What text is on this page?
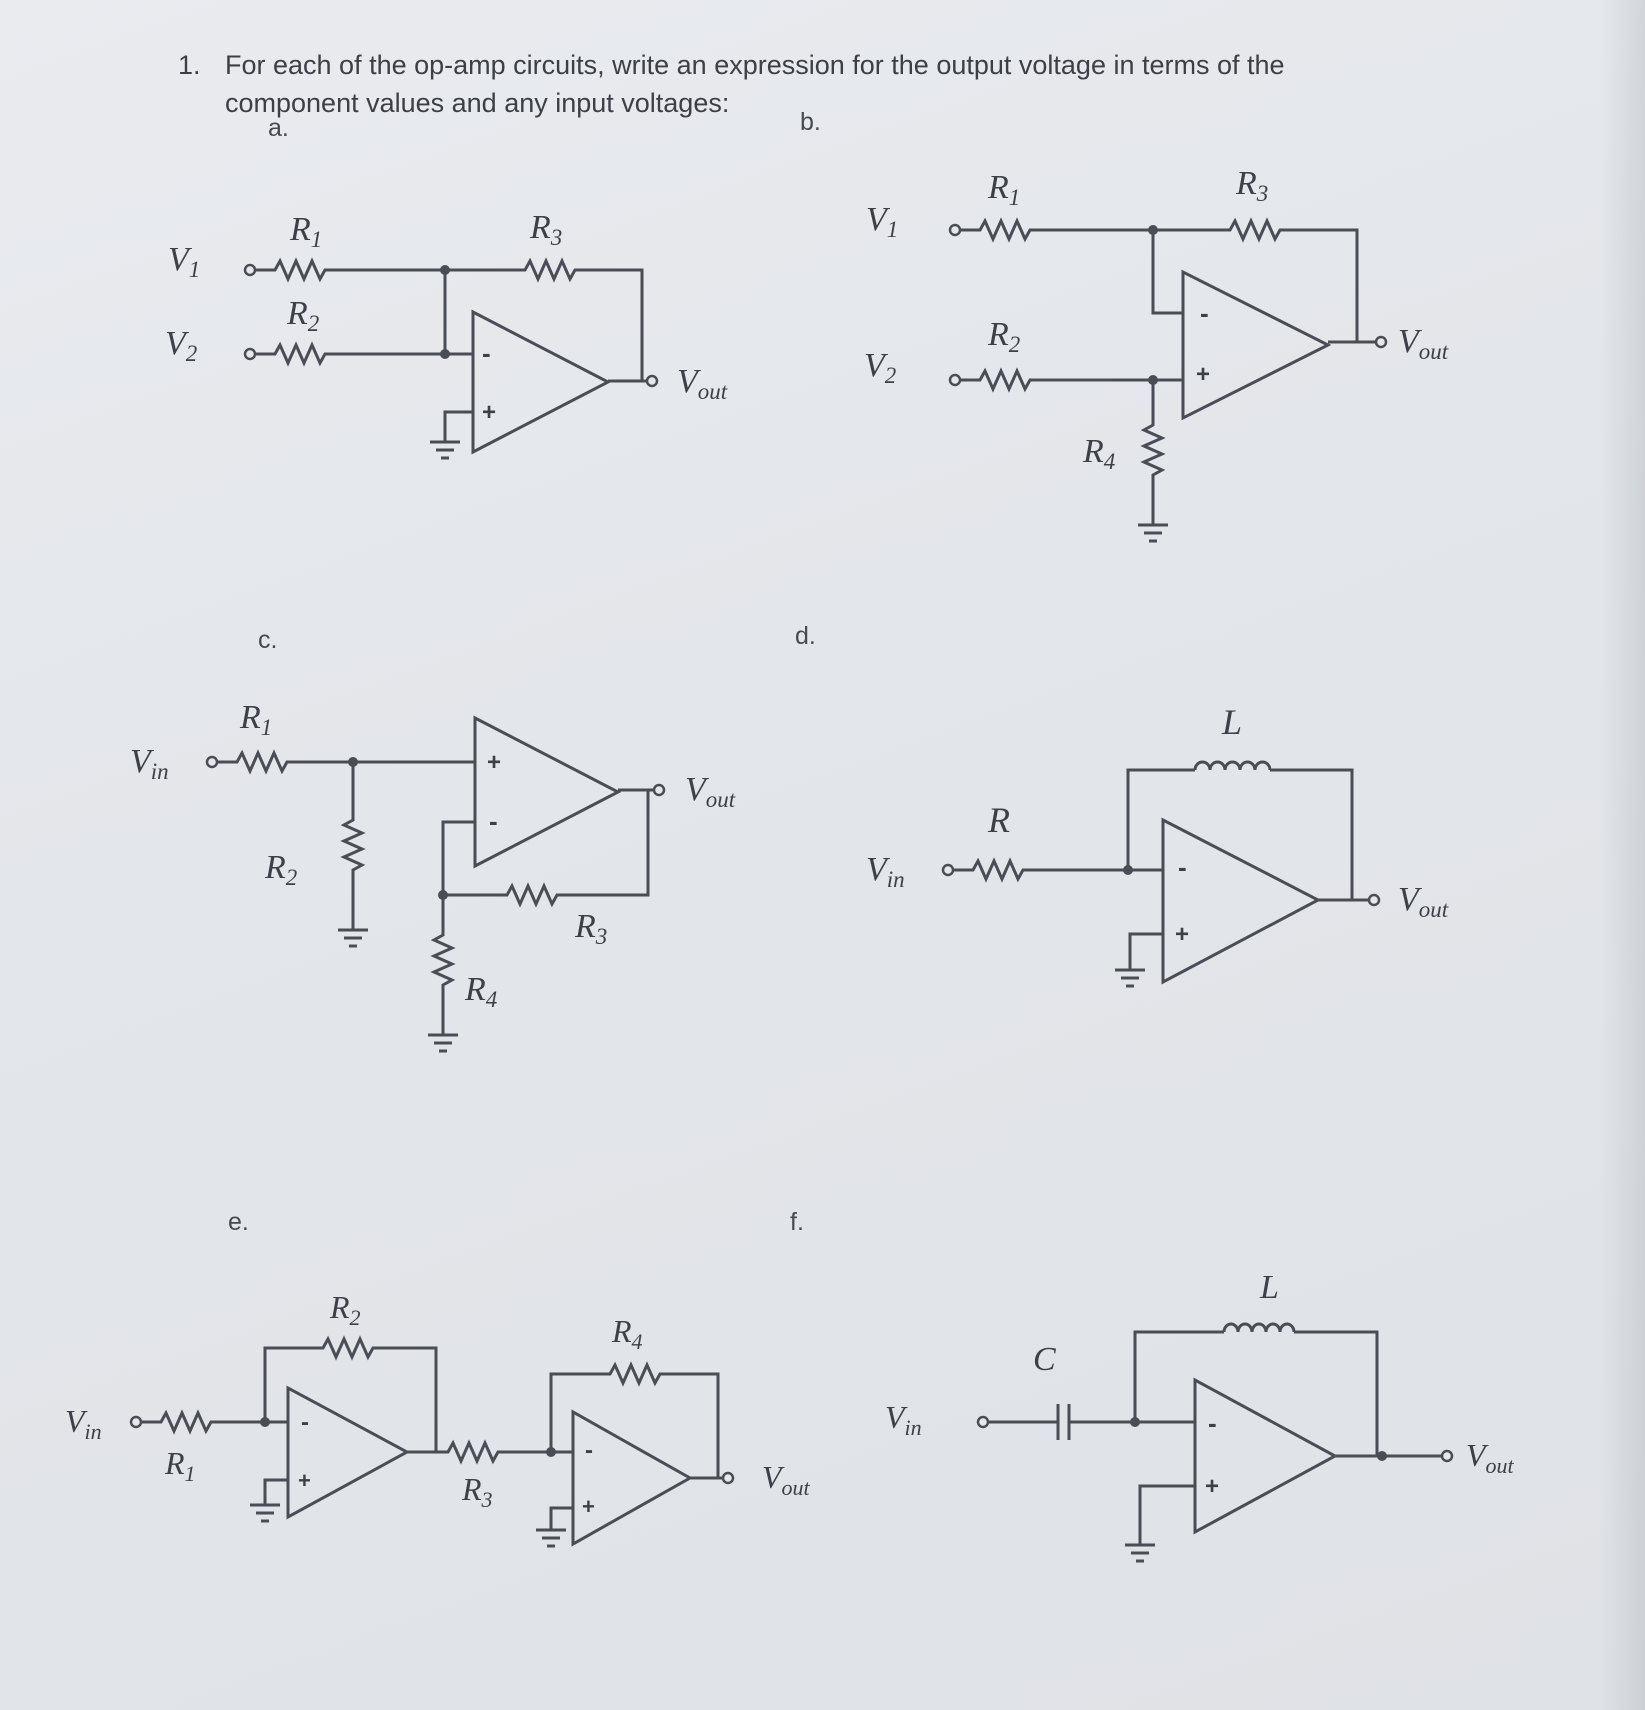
1. For each of the op-amp circuits, write an expression for the output voltage in terms of the component values and any input voltages:
a.	b.
c.	d.
e.	f.
-
+
$V_1$
$V_2$
$R_1$
$R_2$
$R_3$
$V_{out}$
-
+
$V_1$
$V_2$
$R_1$
$R_2$
$R_3$
$R_4$
$V_{out}$
+
-
$V_{in}$
$R_1$
$R_2$
$R_3$
$R_4$
$V_{out}$
-
+
$V_{in}$
R
L
$V_{out}$
-
+
-
+
$V_{in}$
$R_1$
$R_2$
$R_3$
$R_4$
$V_{out}$
-
+
$V_{in}$
C
L
$V_{out}$
